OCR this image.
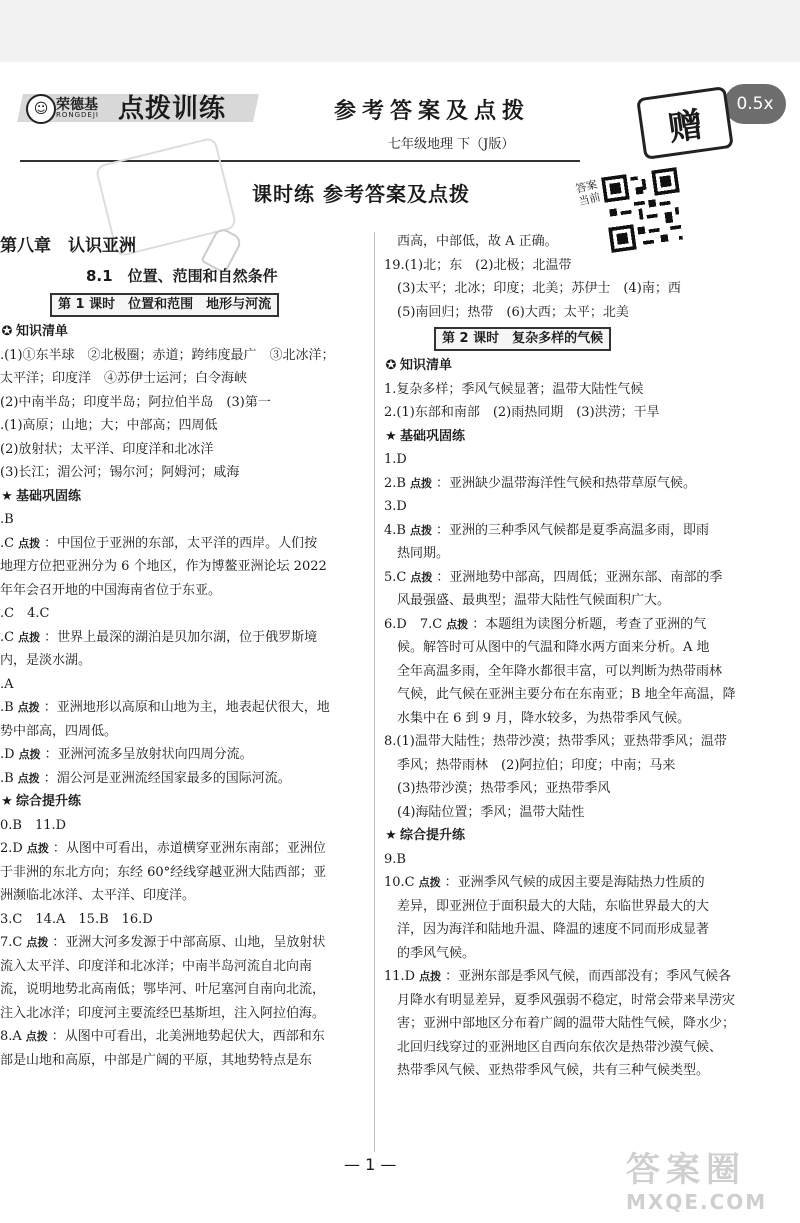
0.5x
☺ 荣德基
RONGDEJI 点拨训练	参考答案及点拨
七年级地理 下（J版）	赠
课时练 参考答案及点拨	答案当前
第八章　认识亚洲
8.1　位置、范围和自然条件
第 1 课时　位置和范围　地形与河流
✪ 知识清单
.(1)①东半球　②北极圈；赤道；跨纬度最广　③北冰洋；
太平洋；印度洋　④苏伊士运河；白令海峡
(2)中南半岛；印度半岛；阿拉伯半岛　(3)第一
.(1)高原；山地；大；中部高；四周低
(2)放射状；太平洋、印度洋和北冰洋
(3)长江；湄公河；锡尔河；阿姆河；咸海
★ 基础巩固练
.B
.C 点拨 ：中国位于亚洲的东部，太平洋的西岸。人们按
地理方位把亚洲分为 6 个地区，作为博鳌亚洲论坛 2022
年年会召开地的中国海南省位于东亚。
.C　4.C
.C 点拨 ：世界上最深的湖泊是贝加尔湖，位于俄罗斯境
内，是淡水湖。
.A
.B 点拨 ：亚洲地形以高原和山地为主，地表起伏很大，地
势中部高，四周低。
.D 点拨 ：亚洲河流多呈放射状向四周分流。
.B 点拨 ：湄公河是亚洲流经国家最多的国际河流。
★ 综合提升练
0.B　11.D
2.D 点拨 ：从图中可看出，赤道横穿亚洲东南部；亚洲位
于非洲的东北方向；东经 60°经线穿越亚洲大陆西部；亚
洲濒临北冰洋、太平洋、印度洋。
3.C　14.A　15.B　16.D
7.C 点拨 ：亚洲大河多发源于中部高原、山地，呈放射状
流入太平洋、印度洋和北冰洋；中南半岛河流自北向南
流，说明地势北高南低；鄂毕河、叶尼塞河自南向北流，
注入北冰洋；印度河主要流经巴基斯坦，注入阿拉伯海。
8.A 点拨 ：从图中可看出，北美洲地势起伏大，西部和东
部是山地和高原，中部是广阔的平原，其地势特点是东
　西高，中部低，故 A 正确。
19.(1)北；东　(2)北极；北温带
　(3)太平；北冰；印度；北美；苏伊士　(4)南；西
　(5)南回归；热带　(6)大西；太平；北美
第 2 课时　复杂多样的气候
✪ 知识清单
1.复杂多样；季风气候显著；温带大陆性气候
2.(1)东部和南部　(2)雨热同期　(3)洪涝；干旱
★ 基础巩固练
1.D
2.B 点拨 ：亚洲缺少温带海洋性气候和热带草原气候。
3.D
4.B 点拨 ：亚洲的三种季风气候都是夏季高温多雨，即雨
　热同期。
5.C 点拨 ：亚洲地势中部高，四周低；亚洲东部、南部的季
　风最强盛、最典型；温带大陆性气候面积广大。
6.D　7.C 点拨 ：本题组为读图分析题，考查了亚洲的气
　候。解答时可从图中的气温和降水两方面来分析。A 地
　全年高温多雨，全年降水都很丰富，可以判断为热带雨林
　气候，此气候在亚洲主要分布在东南亚；B 地全年高温，降
　水集中在 6 到 9 月，降水较多，为热带季风气候。
8.(1)温带大陆性；热带沙漠；热带季风；亚热带季风；温带
　季风；热带雨林　(2)阿拉伯；印度；中南；马来
　(3)热带沙漠；热带季风；亚热带季风
　(4)海陆位置；季风；温带大陆性
★ 综合提升练
9.B
10.C 点拨 ：亚洲季风气候的成因主要是海陆热力性质的
　差异，即亚洲位于面积最大的大陆，东临世界最大的大
　洋，因为海洋和陆地升温、降温的速度不同而形成显著
　的季风气候。
11.D 点拨 ：亚洲东部是季风气候，而西部没有；季风气候各
　月降水有明显差异，夏季风强弱不稳定，时常会带来旱涝灾
　害；亚洲中部地区分布着广阔的温带大陆性气候，降水少；
　北回归线穿过的亚洲地区自西向东依次是热带沙漠气候、
　热带季风气候、亚热带季风气候，共有三种气候类型。
— 1 —	答案圈
MXQE.COM
